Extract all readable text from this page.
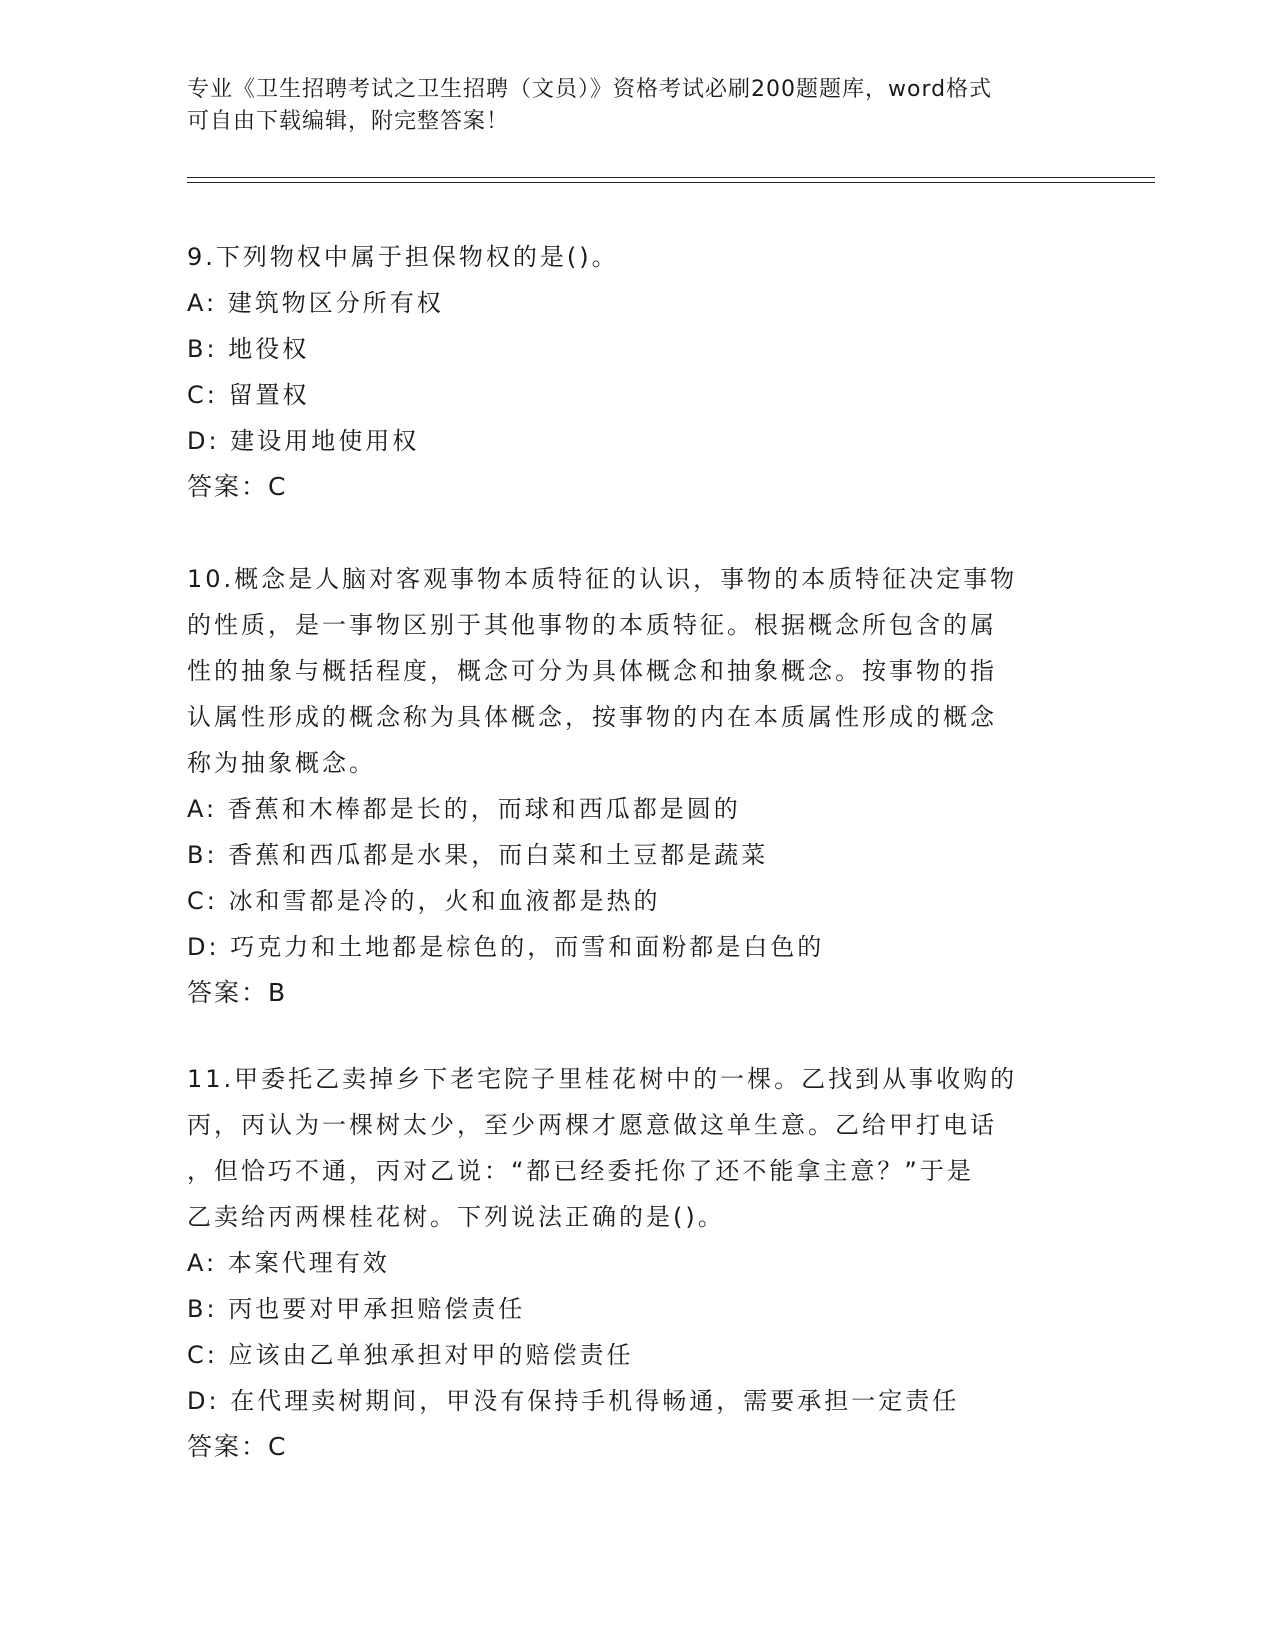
专业《卫生招聘考试之卫生招聘（文员）》资格考试必刷200题题库，word格式
可自由下载编辑，附完整答案！
9.下列物权中属于担保物权的是()。
A: 建筑物区分所有权
B: 地役权
C: 留置权
D: 建设用地使用权
答案：C
10.概念是人脑对客观事物本质特征的认识，事物的本质特征决定事物
的性质，是一事物区别于其他事物的本质特征。根据概念所包含的属
性的抽象与概括程度，概念可分为具体概念和抽象概念。按事物的指
认属性形成的概念称为具体概念，按事物的内在本质属性形成的概念
称为抽象概念。
A: 香蕉和木棒都是长的，而球和西瓜都是圆的
B: 香蕉和西瓜都是水果，而白菜和土豆都是蔬菜
C: 冰和雪都是冷的，火和血液都是热的
D: 巧克力和土地都是棕色的，而雪和面粉都是白色的
答案：B
11.甲委托乙卖掉乡下老宅院子里桂花树中的一棵。乙找到从事收购的
丙，丙认为一棵树太少，至少两棵才愿意做这单生意。乙给甲打电话
，但恰巧不通，丙对乙说：“都已经委托你了还不能拿主意？”于是
乙卖给丙两棵桂花树。下列说法正确的是()。
A: 本案代理有效
B: 丙也要对甲承担赔偿责任
C: 应该由乙单独承担对甲的赔偿责任
D: 在代理卖树期间，甲没有保持手机得畅通，需要承担一定责任
答案：C
